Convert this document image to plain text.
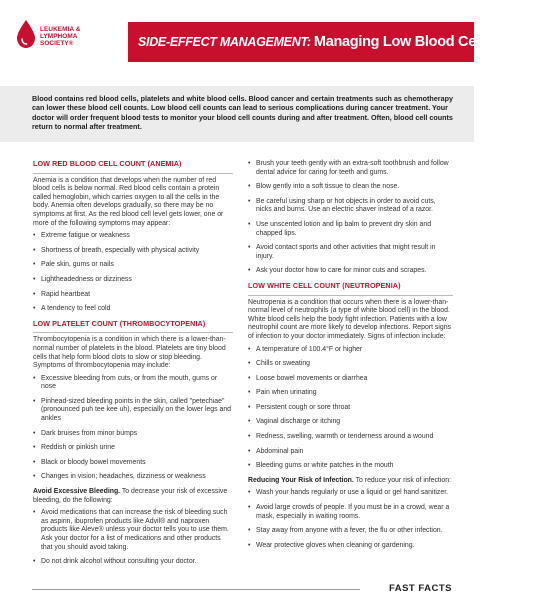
LEUKEMIA &
LYMPHOMA
SOCIETY®	SIDE-EFFECT MANAGEMENT: Managing Low Blood Cell Counts
Blood contains red blood cells, platelets and white blood cells. Blood cancer and certain treatments such as chemotherapy can lower these blood cell counts. Low blood cell counts can lead to serious complications during cancer treatment. Your doctor will order frequent blood tests to monitor your blood cell counts during and after treatment. Often, blood cell counts return to normal after treatment.
LOW RED BLOOD CELL COUNT (ANEMIA)
Anemia is a condition that develops when the number of red blood cells is below normal. Red blood cells contain a protein called hemoglobin, which carries oxygen to all the cells in the body. Anemia often develops gradually, so there may be no symptoms at first. As the red blood cell level gets lower, one or more of the following symptoms may appear:
• Extreme fatigue or weakness
• Shortness of breath, especially with physical activity
• Pale skin, gums or nails
• Lightheadedness or dizziness
• Rapid heartbeat
• A tendency to feel cold
LOW PLATELET COUNT (THROMBOCYTOPENIA)
Thrombocytopenia is a condition in which there is a lower-than-normal number of platelets in the blood. Platelets are tiny blood cells that help form blood clots to slow or stop bleeding. Symptoms of thrombocytopenia may include:
• Excessive bleeding from cuts, or from the mouth, gums or nose
• Pinhead-sized bleeding points in the skin, called "petechiae"(pronounced puh tee kee uh), especially on the lower legs and ankles
• Dark bruises from minor bumps
• Reddish or pinkish urine
• Black or bloody bowel movements
• Changes in vision; headaches, dizziness or weakness
Avoid Excessive Bleeding. To decrease your risk of excessive bleeding, do the following:
• Avoid medications that can increase the risk of bleeding such as aspirin, ibuprofen products like Advil® and naproxen products like Aleve® unless your doctor tells you to use them. Ask your doctor for a list of medications and other products that you should avoid taking.
• Do not drink alcohol without consulting your doctor.
• Brush your teeth gently with an extra-soft toothbrush and follow dental advice for caring for teeth and gums.
• Blow gently into a soft tissue to clean the nose.
• Be careful using sharp or hot objects in order to avoid cuts, nicks and burns. Use an electric shaver instead of a razor.
• Use unscented lotion and lip balm to prevent dry skin and chapped lips.
• Avoid contact sports and other activities that might result in injury.
• Ask your doctor how to care for minor cuts and scrapes.
LOW WHITE CELL COUNT (NEUTROPENIA)
Neutropenia is a condition that occurs when there is a lower-than-normal level of neutrophils (a type of white blood cell) in the blood. White blood cells help the body fight infection. Patients with a low neutrophil count are more likely to develop infections. Report signs of infection to your doctor immediately. Signs of infection include:
• A temperature of 100.4°F or higher
• Chills or sweating
• Loose bowel movements or diarrhea
• Pain when urinating
• Persistent cough or sore throat
• Vaginal discharge or itching
• Redness, swelling, warmth or tenderness around a wound
• Abdominal pain
• Bleeding gums or white patches in the mouth
Reducing Your Risk of Infection. To reduce your risk of infection:
• Wash your hands regularly or use a liquid or gel hand sanitizer.
• Avoid large crowds of people. If you must be in a crowd, wear a mask, especially in waiting rooms.
• Stay away from anyone with a fever, the flu or other infection.
• Wear protective gloves when cleaning or gardening.
FAST FACTS
